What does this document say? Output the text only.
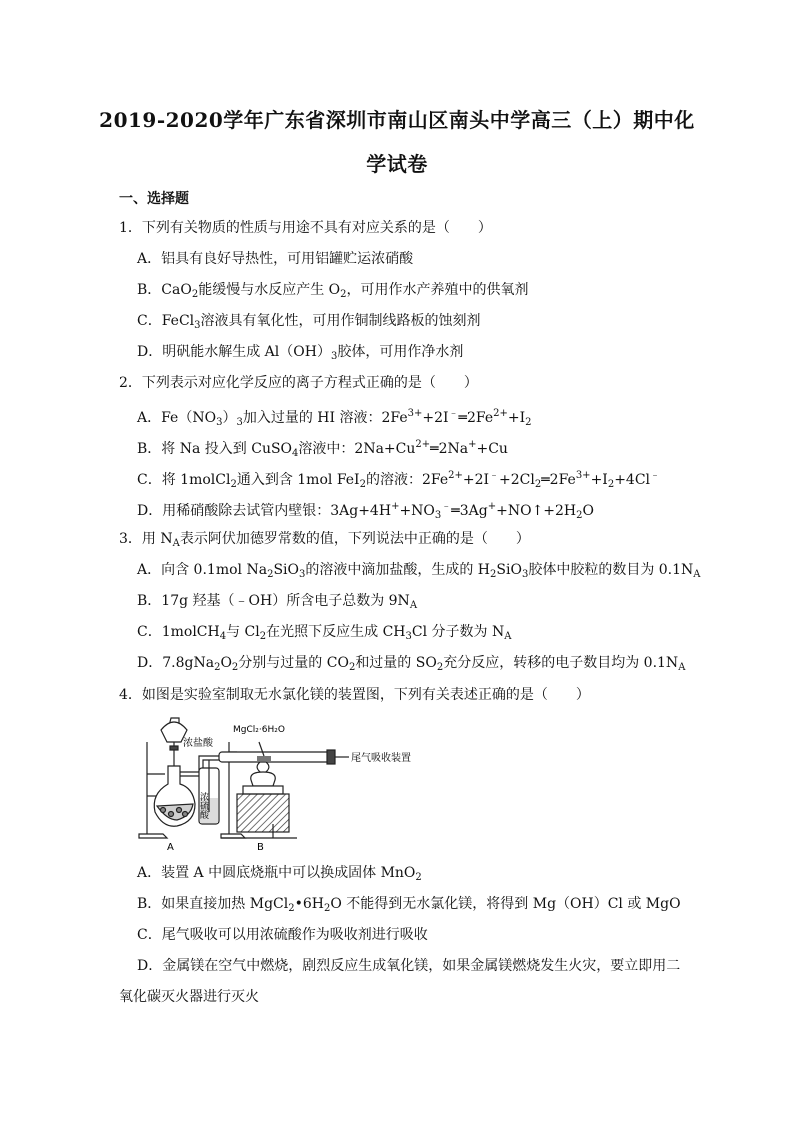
2019-2020学年广东省深圳市南山区南头中学高三（上）期中化
学试卷
一、选择题
1．下列有关物质的性质与用途不具有对应关系的是（　　）
A．铝具有良好导热性，可用铝罐贮运浓硝酸
B．CaO$_2$能缓慢与水反应产生 $O_2$，可用作水产养殖中的供氧剂
C．FeCl$_3$溶液具有氧化性，可用作铜制线路板的蚀刻剂
D．明矾能水解生成 $Al(OH)_3$胶体，可用作净水剂
2．下列表示对应化学反应的离子方程式正确的是（　　）
A．$Fe(NO_3)_3$加入过量的 HI 溶液：$2Fe^{3+}+2I^﹣═2Fe^{2+}+I_2$
B．将 Na 投入到 CuSO$_4$溶液中：$2Na+Cu^{2+}═2Na^++Cu$
C．将 1molCl$_2$通入到含 1mol FeI$_2$的溶液：$2Fe^{2+}+2I^﹣+2Cl_2═2Fe^{3+}+I_2+4Cl^﹣$
D．用稀硝酸除去试管内壁银：$3Ag+4H^++NO_3^﹣═3Ag^++NO↑+2H_2O$
3．用 $N_A$表示阿伏加德罗常数的值，下列说法中正确的是（　　）
A．向含 0.1mol $Na_2SiO_3$的溶液中滴加盐酸，生成的 $H_2SiO_3$胶体中胶粒的数目为 $0.1N_A$
B．17g 羟基（﹣OH）所含电子总数为 $9N_A$
C．1molCH$_4$与 $Cl_2$在光照下反应生成 $CH_3Cl$ 分子数为 $N_A$
D．$7.8gNa_2O_2$分别与过量的 $CO_2$和过量的 $SO_2$充分反应，转移的电子数目均为 $0.1N_A$
4．如图是实验室制取无水氯化镁的装置图，下列有关表述正确的是（　　）
浓盐酸
MgCl₂·6H₂O
尾气吸收装置
浓硫酸
A	B
A．装置 A 中圆底烧瓶中可以换成固体 MnO$_2$
B．如果直接加热 $MgCl_2•6H_2O$ 不能得到无水氯化镁，将得到 Mg（OH）Cl 或 MgO
C．尾气吸收可以用浓硫酸作为吸收剂进行吸收
D．金属镁在空气中燃烧，剧烈反应生成氧化镁，如果金属镁燃烧发生火灾，要立即用二
氧化碳灭火器进行灭火
